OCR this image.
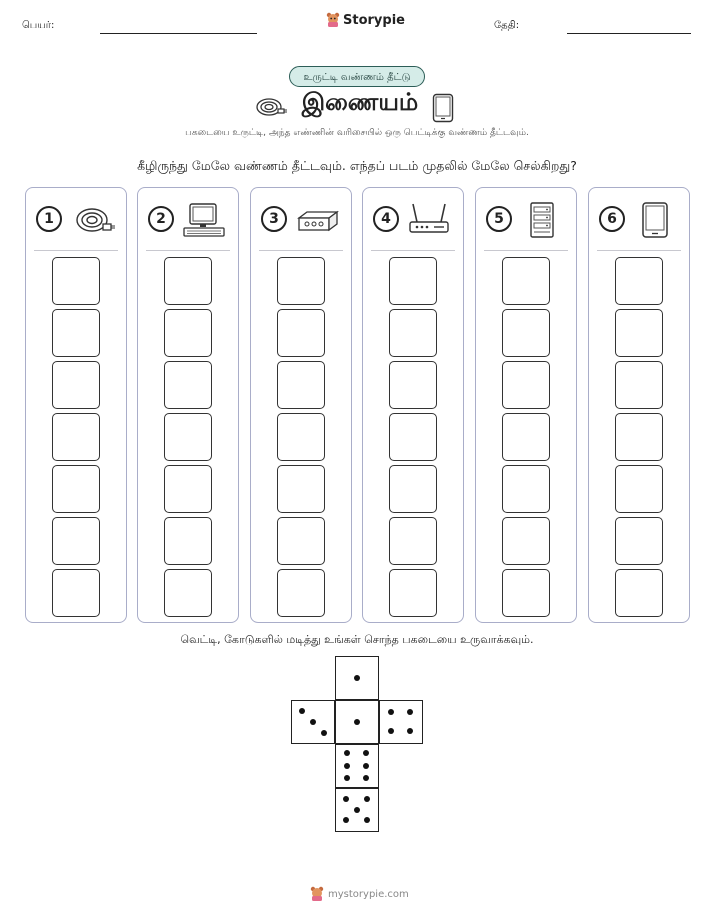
பெயர்:	Storypie	தேதி:
உருட்டி வண்ணம் தீட்டு
இணையம்
பகடையை உருட்டி, அந்த எண்ணின் வரிசையில் ஒரு பெட்டிக்கு வண்ணம் தீட்டவும்.
கீழிருந்து மேலே வண்ணம் தீட்டவும். எந்தப் படம் முதலில் மேலே செல்கிறது?
1	2	3	4	5	6
வெட்டி, கோடுகளில் மடித்து உங்கள் சொந்த பகடையை உருவாக்கவும்.
mystorypie.com
